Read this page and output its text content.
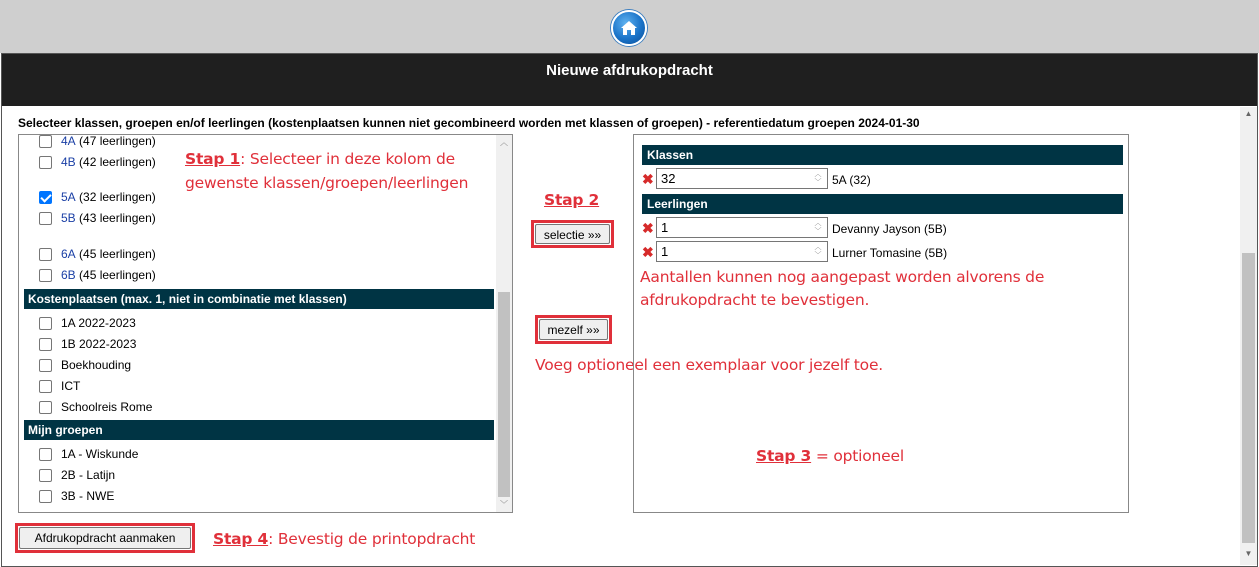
Nieuwe afdrukopdracht
Selecteer klassen, groepen en/of leerlingen (kostenplaatsen kunnen niet gecombineerd worden met klassen of groepen) - referentiedatum groepen 2024-01-30
▲
▼
4A
(47 leerlingen)
4B
(42 leerlingen)
5A
(32 leerlingen)
5B
(43 leerlingen)
6A
(45 leerlingen)
6B
(45 leerlingen)
Kostenplaatsen (max. 1, niet in combinatie met klassen)
1A 2022-2023
1B 2022-2023
Boekhouding
ICT
Schoolreis Rome
Mijn groepen
1A - Wiskunde
2B - Latijn
3B - NWE
︿
﹀
Stap 1: Selecteer in deze kolom de
gewenste klassen/groepen/leerlingen
Stap 2
selectie »»
mezelf »»
Voeg optioneel een exemplaar voor jezelf toe.
Klassen
✖ 32	︿
﹀ 5A (32)
Leerlingen
✖ 1	︿
﹀ Devanny Jayson (5B)
✖ 1	︿
﹀ Lurner Tomasine (5B)
Aantallen kunnen nog aangepast worden alvorens de
afdrukopdracht te bevestigen.
Stap 3 = optioneel
Afdrukopdracht aanmaken	Stap 4: Bevestig de printopdracht
